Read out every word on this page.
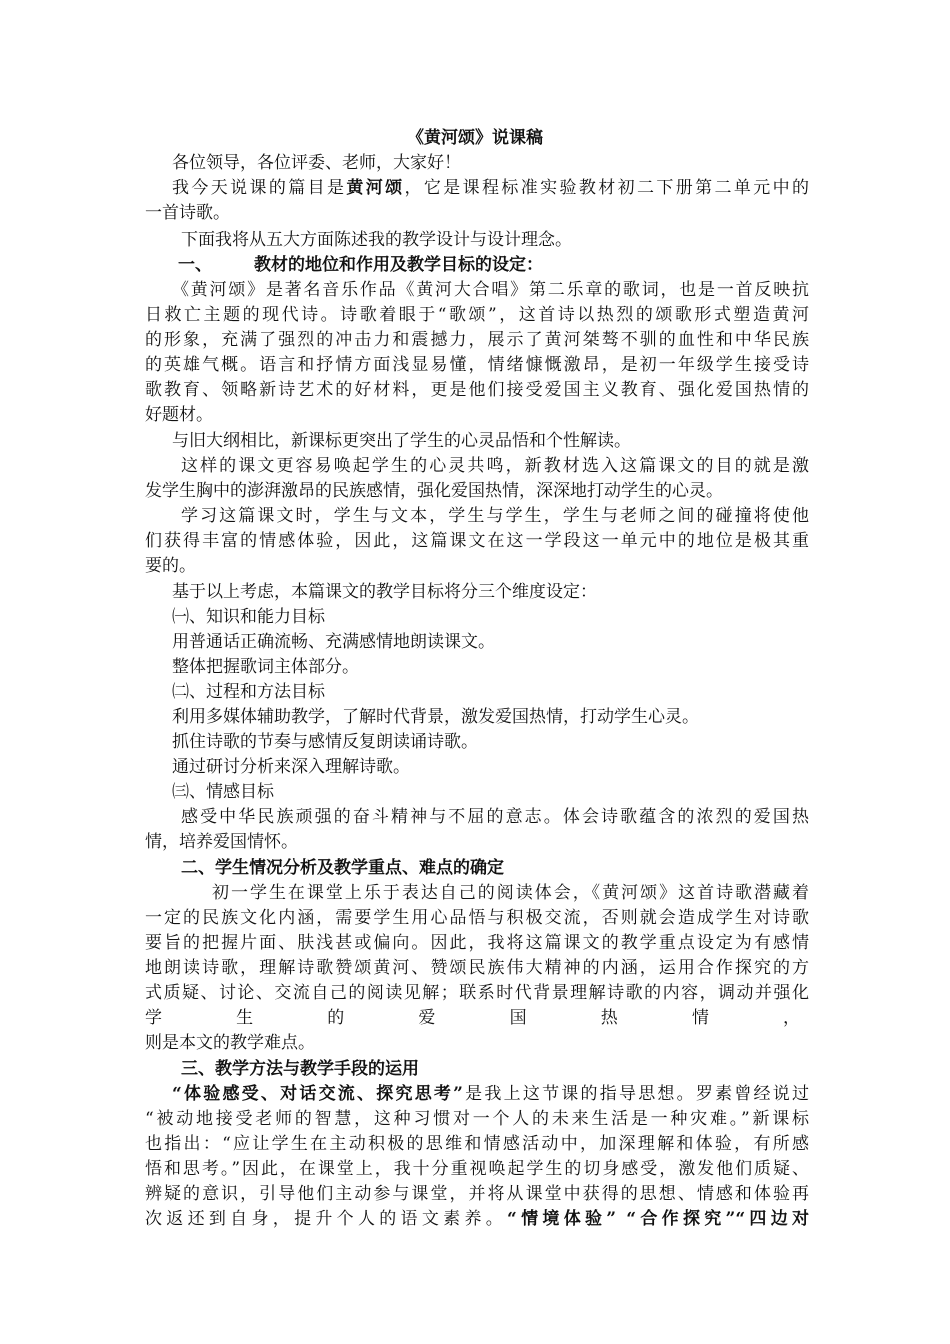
《黄河颂》说课稿
各位领导，各位评委、老师，大家好！
我今天说课的篇目是黄河颂，它是课程标准实验教材初二下册第二单元中的
一首诗歌。
下面我将从五大方面陈述我的教学设计与设计理念。
一、 教材的地位和作用及教学目标的设定：
《黄河颂》是著名音乐作品《黄河大合唱》第二乐章的歌词，也是一首反映抗
日救亡主题的现代诗。诗歌着眼于“歌颂”，这首诗以热烈的颂歌形式塑造黄河
的形象，充满了强烈的冲击力和震撼力，展示了黄河桀骜不驯的血性和中华民族
的英雄气概。语言和抒情方面浅显易懂，情绪慷慨激昂，是初一年级学生接受诗
歌教育、领略新诗艺术的好材料，更是他们接受爱国主义教育、强化爱国热情的
好题材。
与旧大纲相比，新课标更突出了学生的心灵品悟和个性解读。
这样的课文更容易唤起学生的心灵共鸣，新教材选入这篇课文的目的就是激
发学生胸中的澎湃激昂的民族感情，强化爱国热情，深深地打动学生的心灵。
学习这篇课文时，学生与文本，学生与学生，学生与老师之间的碰撞将使他
们获得丰富的情感体验，因此，这篇课文在这一学段这一单元中的地位是极其重
要的。
基于以上考虑，本篇课文的教学目标将分三个维度设定：
㈠、知识和能力目标
用普通话正确流畅、充满感情地朗读课文。
整体把握歌词主体部分。
㈡、过程和方法目标
利用多媒体辅助教学，了解时代背景，激发爱国热情，打动学生心灵。
抓住诗歌的节奏与感情反复朗读诵诗歌。
通过研讨分析来深入理解诗歌。
㈢、情感目标
感受中华民族顽强的奋斗精神与不屈的意志。体会诗歌蕴含的浓烈的爱国热
情，培养爱国情怀。
二、学生情况分析及教学重点、难点的确定
初一学生在课堂上乐于表达自己的阅读体会，《黄河颂》这首诗歌潜藏着
一定的民族文化内涵，需要学生用心品悟与积极交流，否则就会造成学生对诗歌
要旨的把握片面、肤浅甚或偏向。因此，我将这篇课文的教学重点设定为有感情
地朗读诗歌，理解诗歌赞颂黄河、赞颂民族伟大精神的内涵，运用合作探究的方
式质疑、讨论、交流自己的阅读见解；联系时代背景理解诗歌的内容，调动并强化
学	生	的	爱	国	热	情	，
则是本文的教学难点。
三、教学方法与教学手段的运用
“体验感受、对话交流、探究思考”是我上这节课的指导思想。罗素曾经说过
“被动地接受老师的智慧，这种习惯对一个人的未来生活是一种灾难。”新课标
也指出：“应让学生在主动积极的思维和情感活动中，加深理解和体验，有所感
悟和思考。”因此，在课堂上，我十分重视唤起学生的切身感受，激发他们质疑、
辨疑的意识，引导他们主动参与课堂，并将从课堂中获得的思想、情感和体验再
次返还到自身，提升个人的语文素养。“情境体验” “合作探究”“四边对
